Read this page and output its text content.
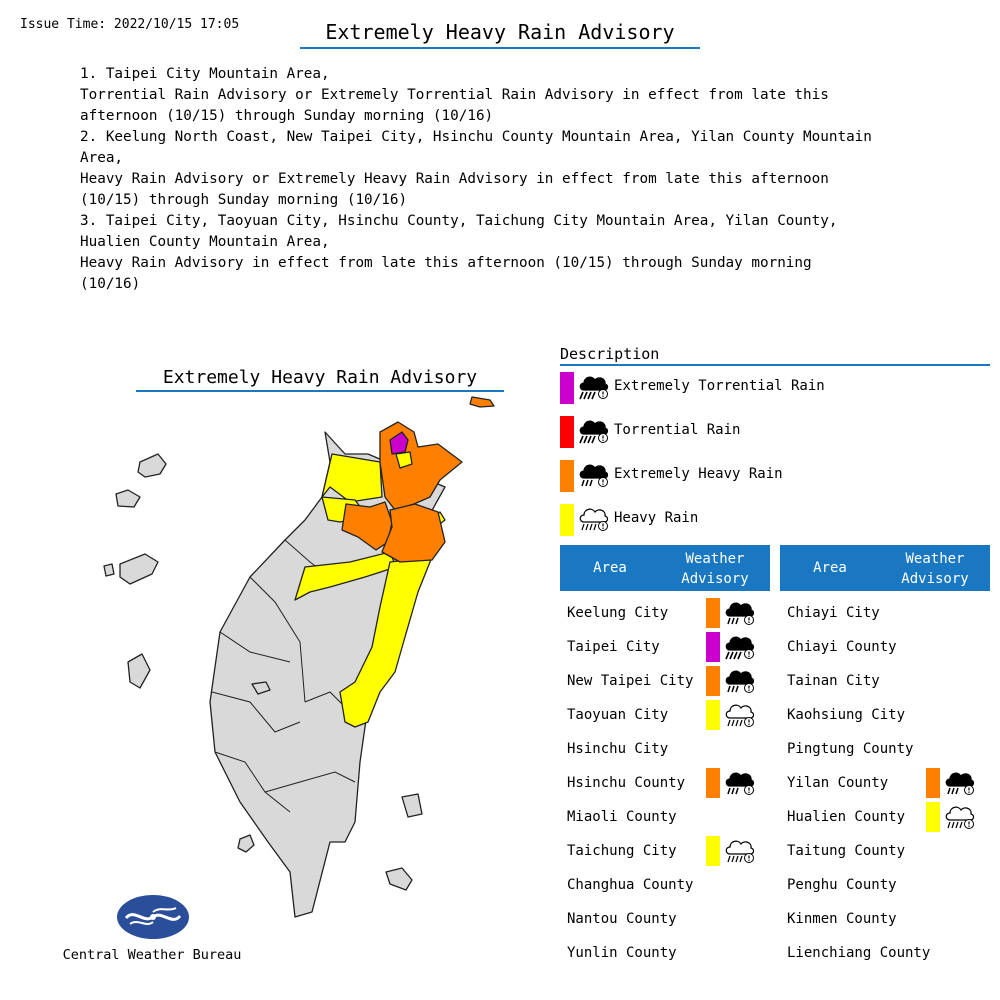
Issue Time: 2022/10/15 17:05	Extremely Heavy Rain Advisory
1. Taipei City Mountain Area,
Torrential Rain Advisory or Extremely Torrential Rain Advisory in effect from late this
afternoon (10/15) through Sunday morning (10/16)
2. Keelung North Coast, New Taipei City, Hsinchu County Mountain Area, Yilan County Mountain
Area,
Heavy Rain Advisory or Extremely Heavy Rain Advisory in effect from late this afternoon
(10/15) through Sunday morning (10/16)
3. Taipei City, Taoyuan City, Hsinchu County, Taichung City Mountain Area, Yilan County,
Hualien County Mountain Area,
Heavy Rain Advisory in effect from late this afternoon (10/15) through Sunday morning
(10/16)
Extremely Heavy Rain Advisory
Central Weather Bureau
Description
Extremely Torrential Rain
Torrential Rain
Extremely Heavy Rain
Heavy Rain
Area
Weather
Advisory
Area
Weather
Advisory
Keelung City
Taipei City
New Taipei City
Taoyuan City
Hsinchu City
Hsinchu County
Miaoli County
Taichung City
Changhua County
Nantou County
Yunlin County
Chiayi City
Chiayi County
Tainan City
Kaohsiung City
Pingtung County
Yilan County
Hualien County
Taitung County
Penghu County
Kinmen County
Lienchiang County
